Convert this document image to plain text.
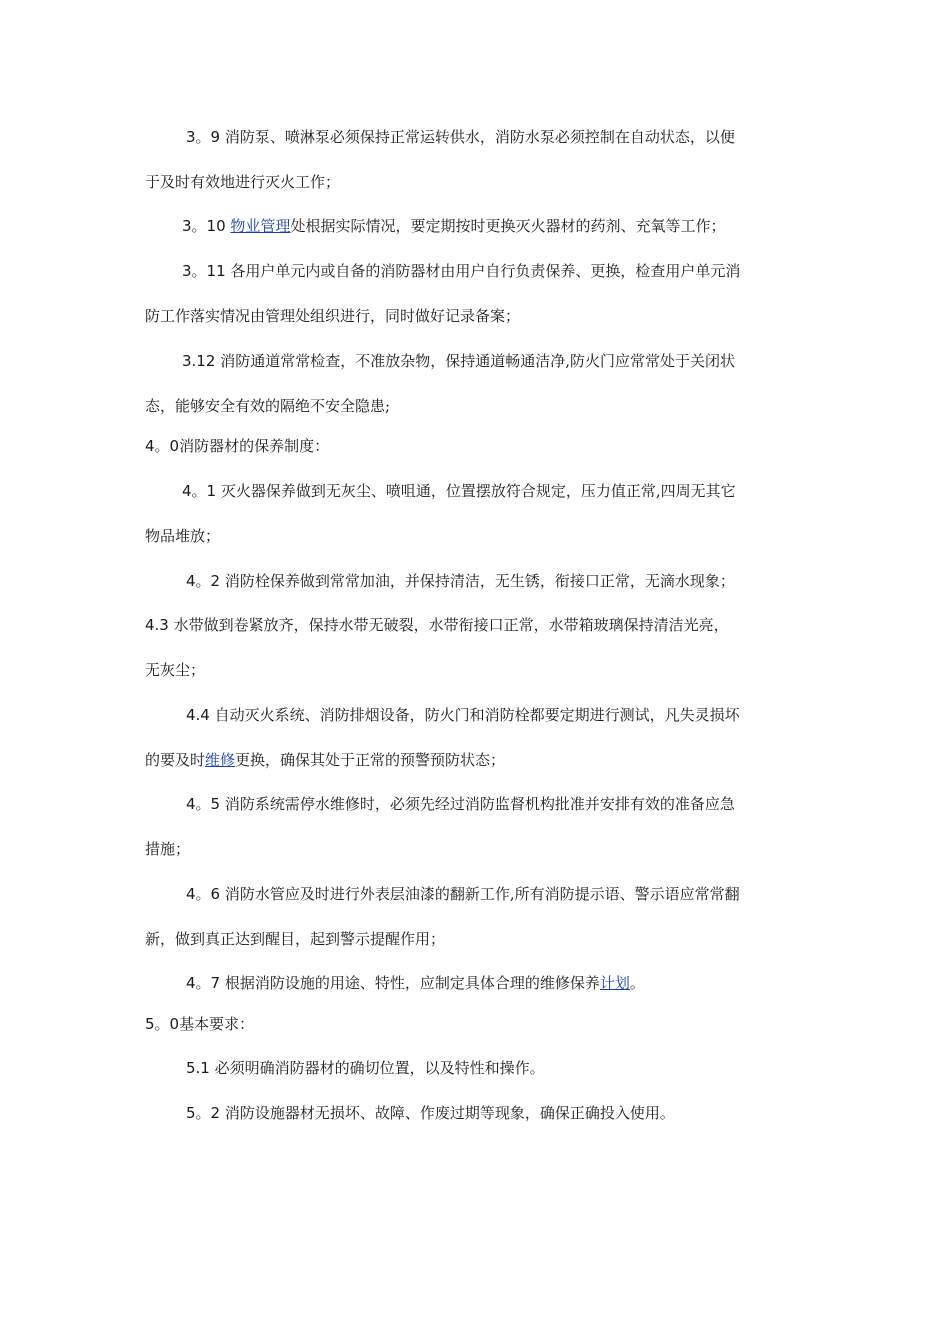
3。9 消防泵、喷淋泵必须保持正常运转供水，消防水泵必须控制在自动状态，以便
于及时有效地进行灭火工作；
3。10 物业管理处根据实际情况，要定期按时更换灭火器材的药剂、充氧等工作；
3。11 各用户单元内或自备的消防器材由用户自行负责保养、更换，检查用户单元消
防工作落实情况由管理处组织进行，同时做好记录备案；
3.12 消防通道常常检查，不准放杂物，保持通道畅通洁净,防火门应常常处于关闭状
态，能够安全有效的隔绝不安全隐患;
4。0消防器材的保养制度：
4。1 灭火器保养做到无灰尘、喷咀通，位置摆放符合规定，压力值正常,四周无其它
物品堆放；
4。2 消防栓保养做到常常加油，并保持清洁，无生锈，衔接口正常，无滴水现象；
4.3 水带做到卷紧放齐，保持水带无破裂，水带衔接口正常，水带箱玻璃保持清洁光亮，
无灰尘；
4.4 自动灭火系统、消防排烟设备，防火门和消防栓都要定期进行测试，凡失灵损坏
的要及时维修更换，确保其处于正常的预警预防状态；
4。5 消防系统需停水维修时，必须先经过消防监督机构批准并安排有效的准备应急
措施；
4。6 消防水管应及时进行外表层油漆的翻新工作,所有消防提示语、警示语应常常翻
新，做到真正达到醒目，起到警示提醒作用；
4。7 根据消防设施的用途、特性，应制定具体合理的维修保养计划。
5。0基本要求：
5.1 必须明确消防器材的确切位置，以及特性和操作。
5。2 消防设施器材无损坏、故障、作废过期等现象，确保正确投入使用。
